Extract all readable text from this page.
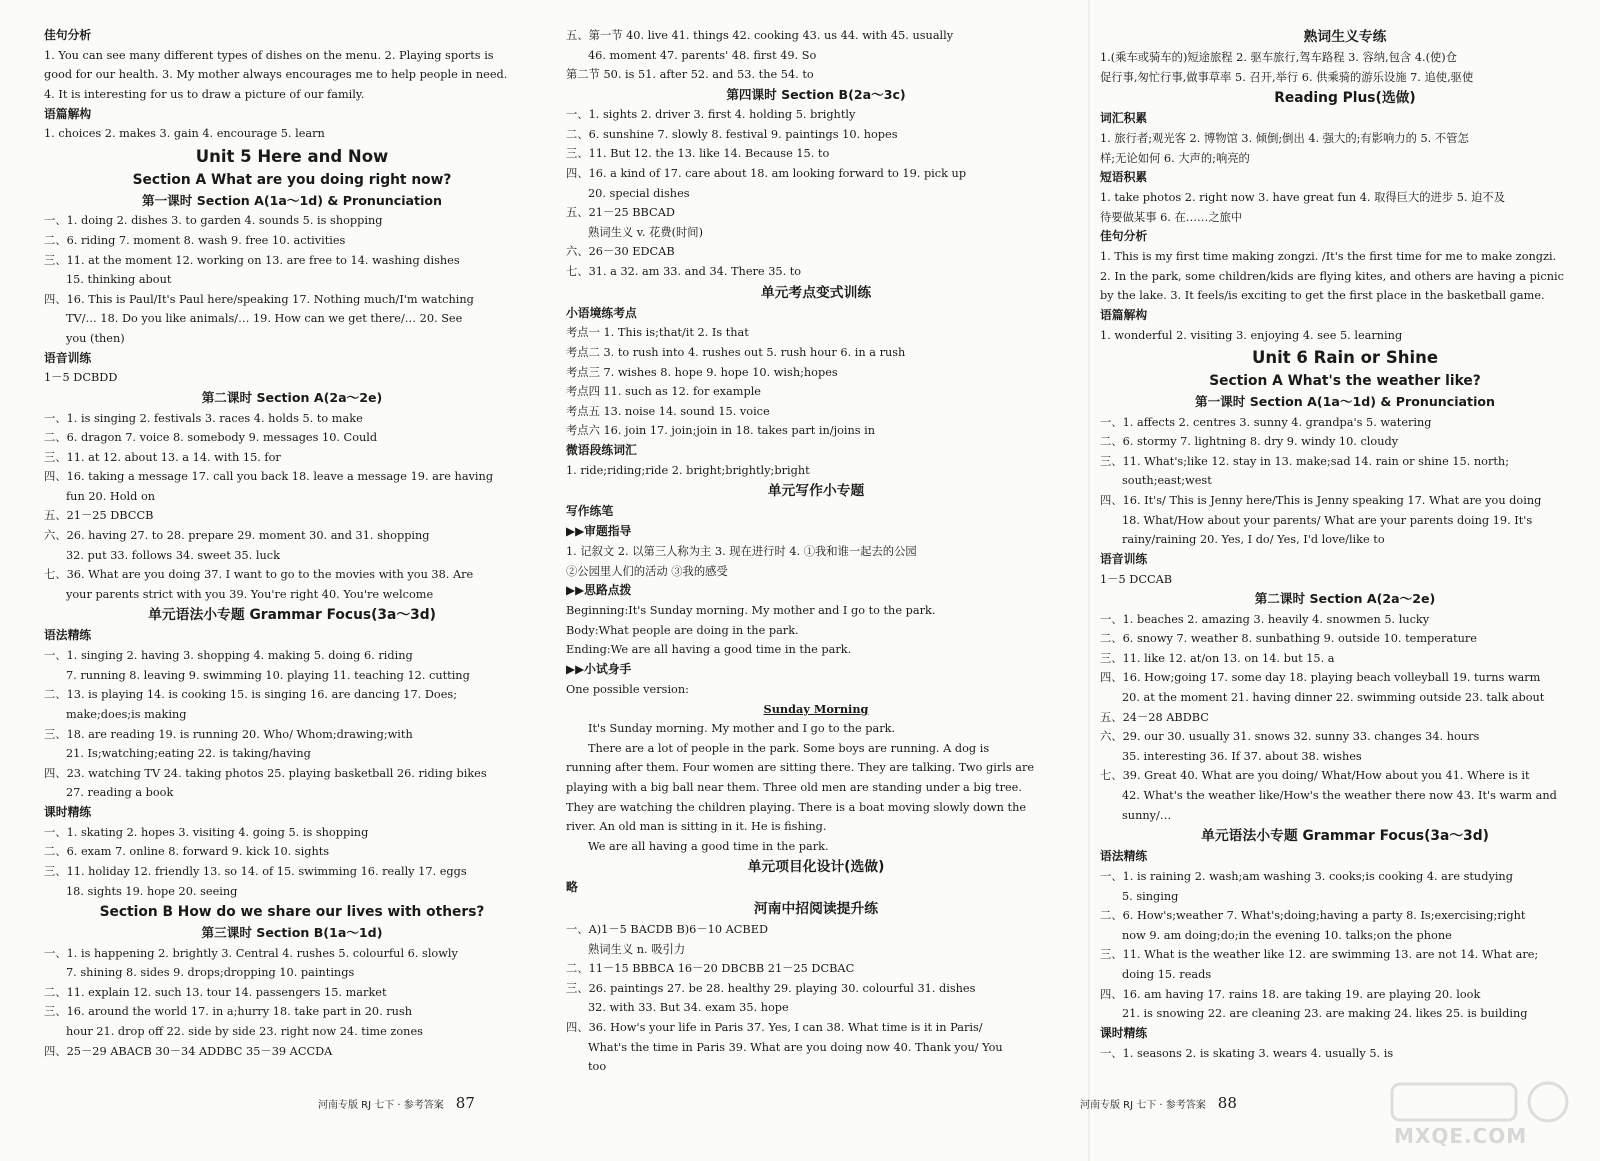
佳句分析
1. You can see many different types of dishes on the menu. 2. Playing sports is
good for our health. 3. My mother always encourages me to help people in need.
4. It is interesting for us to draw a picture of our family.
语篇解构
1. choices 2. makes 3. gain 4. encourage 5. learn
Unit 5 Here and Now
Section A What are you doing right now?
第一课时 Section A(1a～1d) & Pronunciation
一、1. doing 2. dishes 3. to garden 4. sounds 5. is shopping
二、6. riding 7. moment 8. wash 9. free 10. activities
三、11. at the moment 12. working on 13. are free to 14. washing dishes
15. thinking about
四、16. This is Paul/It's Paul here/speaking 17. Nothing much/I'm watching
TV/… 18. Do you like animals/… 19. How can we get there/… 20. See
you (then)
语音训练
1－5 DCBDD
第二课时 Section A(2a～2e)
一、1. is singing 2. festivals 3. races 4. holds 5. to make
二、6. dragon 7. voice 8. somebody 9. messages 10. Could
三、11. at 12. about 13. a 14. with 15. for
四、16. taking a message 17. call you back 18. leave a message 19. are having
fun 20. Hold on
五、21－25 DBCCB
六、26. having 27. to 28. prepare 29. moment 30. and 31. shopping
32. put 33. follows 34. sweet 35. luck
七、36. What are you doing 37. I want to go to the movies with you 38. Are
your parents strict with you 39. You're right 40. You're welcome
单元语法小专题 Grammar Focus(3a～3d)
语法精练
一、1. singing 2. having 3. shopping 4. making 5. doing 6. riding
7. running 8. leaving 9. swimming 10. playing 11. teaching 12. cutting
二、13. is playing 14. is cooking 15. is singing 16. are dancing 17. Does;
make;does;is making
三、18. are reading 19. is running 20. Who/ Whom;drawing;with
21. Is;watching;eating 22. is taking/having
四、23. watching TV 24. taking photos 25. playing basketball 26. riding bikes
27. reading a book
课时精练
一、1. skating 2. hopes 3. visiting 4. going 5. is shopping
二、6. exam 7. online 8. forward 9. kick 10. sights
三、11. holiday 12. friendly 13. so 14. of 15. swimming 16. really 17. eggs
18. sights 19. hope 20. seeing
Section B How do we share our lives with others?
第三课时 Section B(1a～1d)
一、1. is happening 2. brightly 3. Central 4. rushes 5. colourful 6. slowly
7. shining 8. sides 9. drops;dropping 10. paintings
二、11. explain 12. such 13. tour 14. passengers 15. market
三、16. around the world 17. in a;hurry 18. take part in 20. rush
hour 21. drop off 22. side by side 23. right now 24. time zones
四、25－29 ABACB 30－34 ADDBC 35－39 ACCDA
五、第一节 40. live 41. things 42. cooking 43. us 44. with 45. usually
46. moment 47. parents' 48. first 49. So
第二节 50. is 51. after 52. and 53. the 54. to
第四课时 Section B(2a～3c)
一、1. sights 2. driver 3. first 4. holding 5. brightly
二、6. sunshine 7. slowly 8. festival 9. paintings 10. hopes
三、11. But 12. the 13. like 14. Because 15. to
四、16. a kind of 17. care about 18. am looking forward to 19. pick up
20. special dishes
五、21－25 BBCAD
熟词生义 v. 花费(时间)
六、26－30 EDCAB
七、31. a 32. am 33. and 34. There 35. to
单元考点变式训练
小语境练考点
考点一 1. This is;that/it 2. Is that
考点二 3. to rush into 4. rushes out 5. rush hour 6. in a rush
考点三 7. wishes 8. hope 9. hope 10. wish;hopes
考点四 11. such as 12. for example
考点五 13. noise 14. sound 15. voice
考点六 16. join 17. join;join in 18. takes part in/joins in
微语段练词汇
1. ride;riding;ride 2. bright;brightly;bright
单元写作小专题
写作练笔
▶▶审题指导
1. 记叙文 2. 以第三人称为主 3. 现在进行时 4. ①我和谁一起去的公园
②公园里人们的活动 ③我的感受
▶▶思路点拨
Beginning:It's Sunday morning. My mother and I go to the park.
Body:What people are doing in the park.
Ending:We are all having a good time in the park.
▶▶小试身手
One possible version:
Sunday Morning
It's Sunday morning. My mother and I go to the park.
There are a lot of people in the park. Some boys are running. A dog is
running after them. Four women are sitting there. They are talking. Two girls are
playing with a big ball near them. Three old men are standing under a big tree.
They are watching the children playing. There is a boat moving slowly down the
river. An old man is sitting in it. He is fishing.
We are all having a good time in the park.
单元项目化设计(选做)
略
河南中招阅读提升练
一、A)1－5 BACDB B)6－10 ACBED
熟词生义 n. 吸引力
二、11－15 BBBCA 16－20 DBCBB 21－25 DCBAC
三、26. paintings 27. be 28. healthy 29. playing 30. colourful 31. dishes
32. with 33. But 34. exam 35. hope
四、36. How's your life in Paris 37. Yes, I can 38. What time is it in Paris/
What's the time in Paris 39. What are you doing now 40. Thank you/ You
too
河南专版 RJ 七下 · 参考答案 87
熟词生义专练
1.(乘车或骑车的)短途旅程 2. 驱车旅行,驾车路程 3. 容纳,包含 4.(使)仓
促行事,匆忙行事,做事草率 5. 召开,举行 6. 供乘骑的游乐设施 7. 追使,驱使
Reading Plus(选做)
词汇积累
1. 旅行者;观光客 2. 博物馆 3. 倾倒;倒出 4. 强大的;有影响力的 5. 不管怎
样;无论如何 6. 大声的;响亮的
短语积累
1. take photos 2. right now 3. have great fun 4. 取得巨大的进步 5. 迫不及
待要做某事 6. 在……之旅中
佳句分析
1. This is my first time making zongzi. /It's the first time for me to make zongzi.
2. In the park, some children/kids are flying kites, and others are having a picnic
by the lake. 3. It feels/is exciting to get the first place in the basketball game.
语篇解构
1. wonderful 2. visiting 3. enjoying 4. see 5. learning
Unit 6 Rain or Shine
Section A What's the weather like?
第一课时 Section A(1a～1d) & Pronunciation
一、1. affects 2. centres 3. sunny 4. grandpa's 5. watering
二、6. stormy 7. lightning 8. dry 9. windy 10. cloudy
三、11. What's;like 12. stay in 13. make;sad 14. rain or shine 15. north;
south;east;west
四、16. It's/ This is Jenny here/This is Jenny speaking 17. What are you doing
18. What/How about your parents/ What are your parents doing 19. It's
rainy/raining 20. Yes, I do/ Yes, I'd love/like to
语音训练
1－5 DCCAB
第二课时 Section A(2a～2e)
一、1. beaches 2. amazing 3. heavily 4. snowmen 5. lucky
二、6. snowy 7. weather 8. sunbathing 9. outside 10. temperature
三、11. like 12. at/on 13. on 14. but 15. a
四、16. How;going 17. some day 18. playing beach volleyball 19. turns warm
20. at the moment 21. having dinner 22. swimming outside 23. talk about
五、24－28 ABDBC
六、29. our 30. usually 31. snows 32. sunny 33. changes 34. hours
35. interesting 36. If 37. about 38. wishes
七、39. Great 40. What are you doing/ What/How about you 41. Where is it
42. What's the weather like/How's the weather there now 43. It's warm and
sunny/…
单元语法小专题 Grammar Focus(3a～3d)
语法精练
一、1. is raining 2. wash;am washing 3. cooks;is cooking 4. are studying
5. singing
二、6. How's;weather 7. What's;doing;having a party 8. Is;exercising;right
now 9. am doing;do;in the evening 10. talks;on the phone
三、11. What is the weather like 12. are swimming 13. are not 14. What are;
doing 15. reads
四、16. am having 17. rains 18. are taking 19. are playing 20. look
21. is snowing 22. are cleaning 23. are making 24. likes 25. is building
课时精练
一、1. seasons 2. is skating 3. wears 4. usually 5. is
河南专版 RJ 七下 · 参考答案 88
MXQE.COM
